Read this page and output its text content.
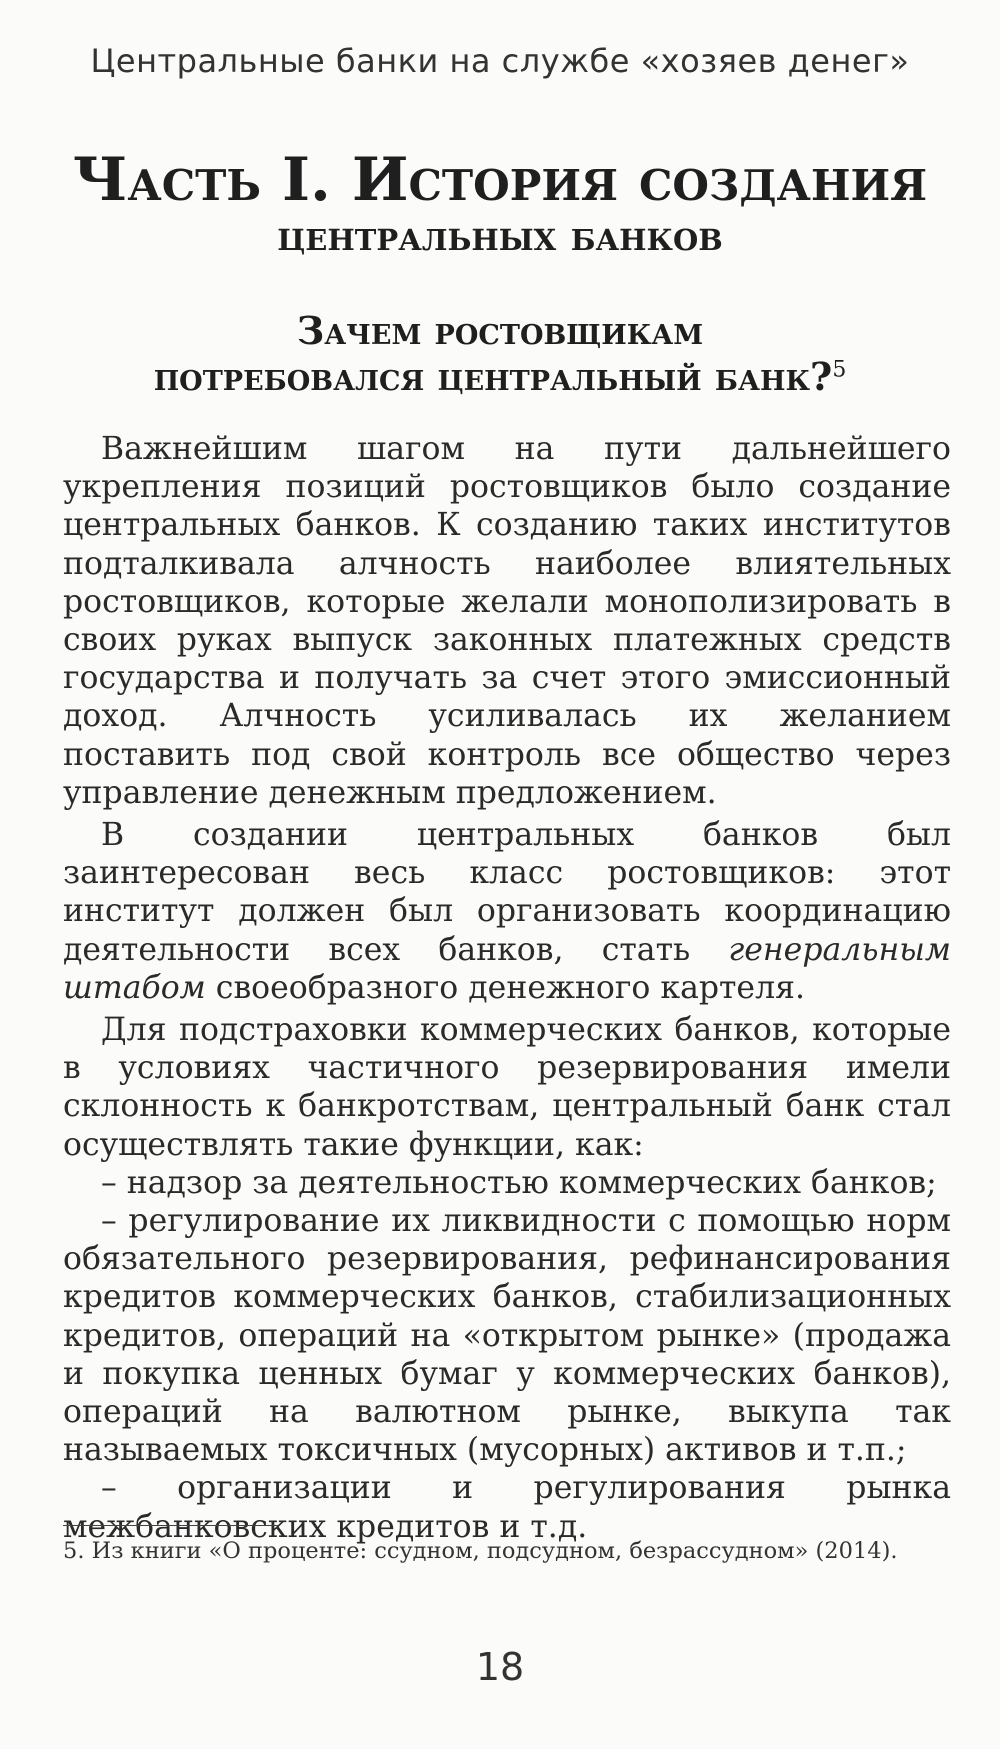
Центральные банки на службе «хозяев денег»
Часть I. История создания
центральных банков
Зачем ростовщикам
потребовался центральный банк?$^5$

Важнейшим шагом на пути дальнейшего укрепления позиций ростовщиков было создание центральных банков. К созданию таких институтов подталкивала алчность наиболее влиятельных ростовщиков, которые желали монополизировать в своих руках выпуск законных платежных средств государства и получать за счет этого эмиссионный доход. Алчность усиливалась их желанием поставить под свой контроль все общество через управление денежным предложением.

В создании центральных банков был заинтересован весь класс ростовщиков: этот институт должен был организовать координацию деятельности всех банков, стать генеральным штабом своеобразного денежного картеля.

Для подстраховки коммерческих банков, которые в условиях частичного резервирования имели склонность к банкротствам, центральный банк стал осуществлять такие функции, как:

– надзор за деятельностью коммерческих банков;
– регулирование их ликвидности с помощью норм обязательного резервирования, рефинансирования кредитов коммерческих банков, стабилизационных кредитов, операций на «открытом рынке» (продажа и покупка ценных бумаг у коммерческих банков), операций на валютном рынке, выкупа так называемых токсичных (мусорных) активов и т.п.;
– организации и регулирования рынка межбанковских кредитов и т.д.
5. Из книги «О проценте: ссудном, подсудном, безрассудном» (2014).
18
